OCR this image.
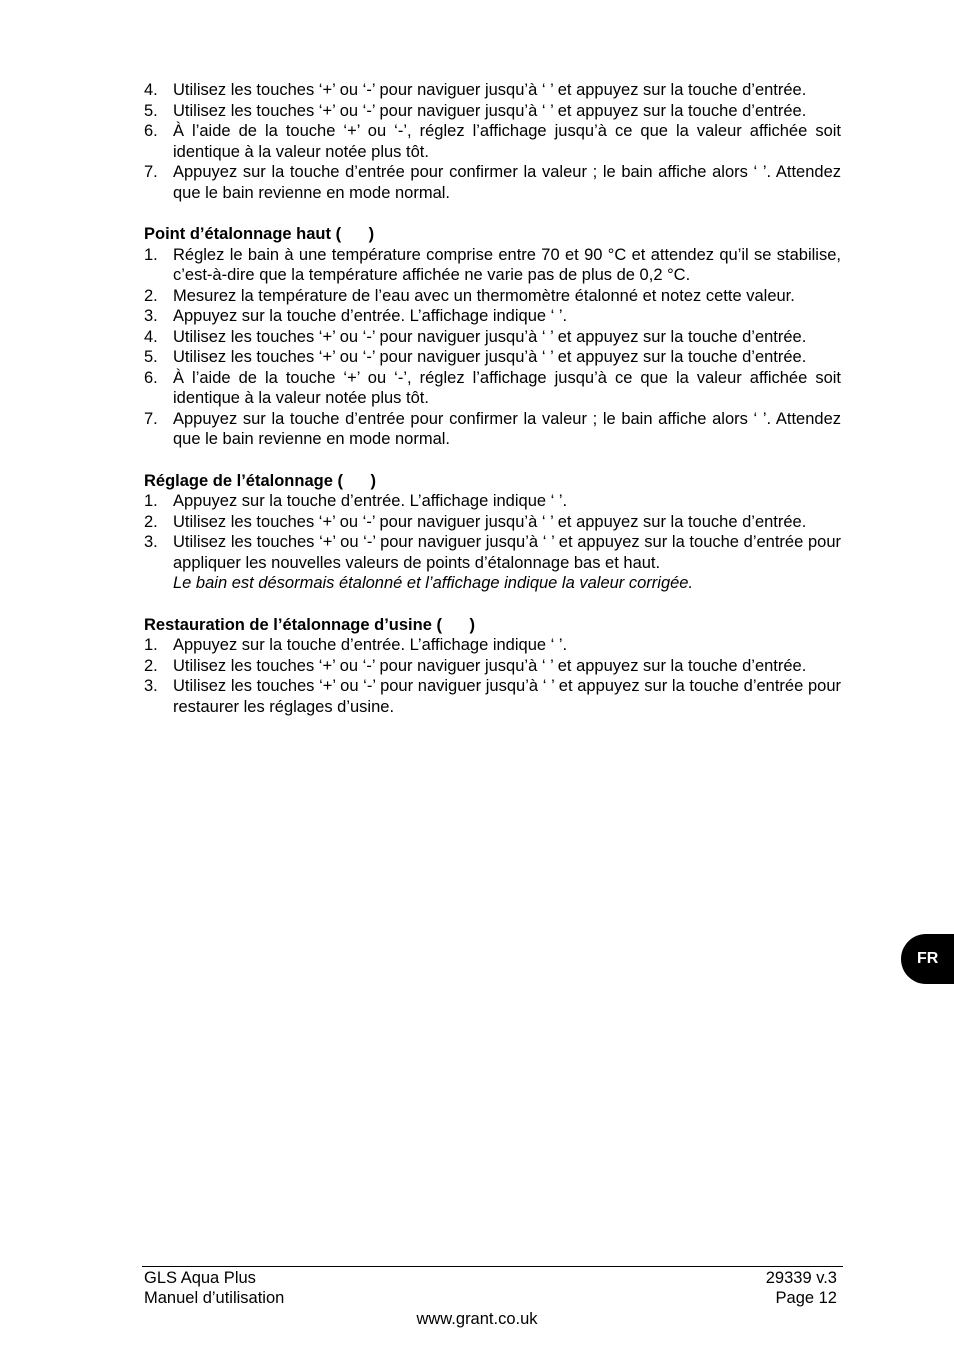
4. Utilisez les touches ‘+’ ou ‘-’ pour naviguer jusqu’à ‘ ’ et appuyez sur la touche d’entrée.
5. Utilisez les touches ‘+’ ou ‘-’ pour naviguer jusqu’à ‘ ’ et appuyez sur la touche d’entrée.
6. À l’aide de la touche ‘+’ ou ‘-’, réglez l’affichage jusqu’à ce que la valeur affichée soit identique à la valeur notée plus tôt.
7. Appuyez sur la touche d’entrée pour confirmer la valeur ; le bain affiche alors ‘ ’. Attendez que le bain revienne en mode normal.

Point d’étalonnage haut (      )

1. Réglez le bain à une température comprise entre 70 et 90 °C et attendez qu’il se stabilise, c’est-à-dire que la température affichée ne varie pas de plus de 0,2 °C.
2. Mesurez la température de l’eau avec un thermomètre étalonné et notez cette valeur.
3. Appuyez sur la touche d’entrée. L’affichage indique ‘ ’.
4. Utilisez les touches ‘+’ ou ‘-’ pour naviguer jusqu’à ‘ ’ et appuyez sur la touche d’entrée.
5. Utilisez les touches ‘+’ ou ‘-’ pour naviguer jusqu’à ‘ ’ et appuyez sur la touche d’entrée.
6. À l’aide de la touche ‘+’ ou ‘-’, réglez l’affichage jusqu’à ce que la valeur affichée soit identique à la valeur notée plus tôt.
7. Appuyez sur la touche d’entrée pour confirmer la valeur ; le bain affiche alors ‘ ’. Attendez que le bain revienne en mode normal.

Réglage de l’étalonnage (      )

1. Appuyez sur la touche d’entrée. L’affichage indique ‘ ’.
2. Utilisez les touches ‘+’ ou ‘-’ pour naviguer jusqu’à ‘ ’ et appuyez sur la touche d’entrée.
3. Utilisez les touches ‘+’ ou ‘-’ pour naviguer jusqu’à ‘ ’ et appuyez sur la touche d’entrée pour appliquer les nouvelles valeurs de points d’étalonnage bas et haut.
Le bain est désormais étalonné et l’affichage indique la valeur corrigée.

Restauration de l’étalonnage d’usine (      )

1. Appuyez sur la touche d’entrée. L’affichage indique ‘ ’.
2. Utilisez les touches ‘+’ ou ‘-’ pour naviguer jusqu’à ‘ ’ et appuyez sur la touche d’entrée.
3. Utilisez les touches ‘+’ ou ‘-’ pour naviguer jusqu’à ‘ ’ et appuyez sur la touche d’entrée pour restaurer les réglages d’usine.
FR
GLS Aqua Plus
Manuel d’utilisation
29339 v.3
Page 12
www.grant.co.uk
